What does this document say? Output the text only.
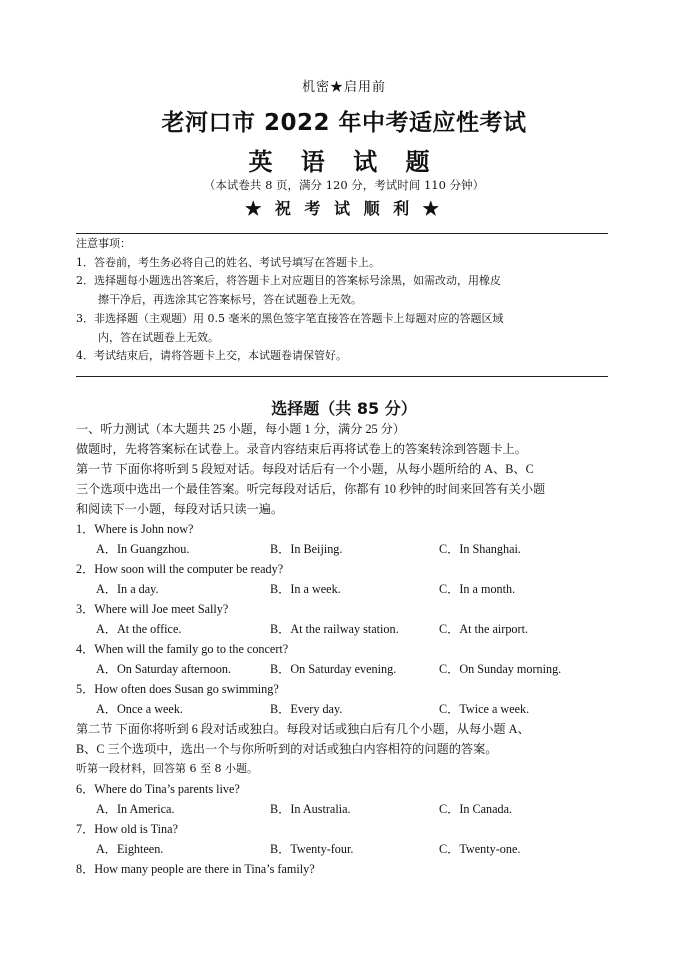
机密★启用前
老河口市 2022 年中考适应性考试
英 语 试 题
（本试卷共 8 页，满分 120 分，考试时间 110 分钟）
★ 祝 考 试 顺 利 ★
注意事项：
1．答卷前，考生务必将自己的姓名、考试号填写在答题卡上。
2．选择题每小题选出答案后，将答题卡上对应题目的答案标号涂黑，如需改动，用橡皮
擦干净后，再选涂其它答案标号，答在试题卷上无效。
3．非选择题（主观题）用 0.5 毫米的黑色签字笔直接答在答题卡上每题对应的答题区域
内，答在试题卷上无效。
4．考试结束后，请将答题卡上交，本试题卷请保管好。
选择题（共 85 分）
一、听力测试（本大题共 25 小题，每小题 1 分，满分 25 分）
做题时，先将答案标在试卷上。录音内容结束后再将试卷上的答案转涂到答题卡上。
第一节 下面你将听到 5 段短对话。每段对话后有一个小题，从每小题所给的 A、B、C
三个选项中选出一个最佳答案。听完每段对话后，你都有 10 秒钟的时间来回答有关小题
和阅读下一小题，每段对话只读一遍。
1．Where is John now?
A．In Guangzhou.	B．In Beijing.	C．In Shanghai.
2．How soon will the computer be ready?
A．In a day.	B．In a week.	C．In a month.
3．Where will Joe meet Sally?
A．At the office.	B．At the railway station.	C．At the airport.
4．When will the family go to the concert?
A．On Saturday afternoon.	B．On Saturday evening.	C．On Sunday morning.
5．How often does Susan go swimming?
A．Once a week.	B．Every day.	C．Twice a week.
第二节 下面你将听到 6 段对话或独白。每段对话或独白后有几个小题，从每小题 A、
B、C 三个选项中，选出一个与你所听到的对话或独白内容相符的问题的答案。
听第一段材料，回答第 6 至 8 小题。
6．Where do Tina’s parents live?
A．In America.	B．In Australia.	C．In Canada.
7．How old is Tina?
A．Eighteen.	B．Twenty-four.	C．Twenty-one.
8．How many people are there in Tina’s family?
